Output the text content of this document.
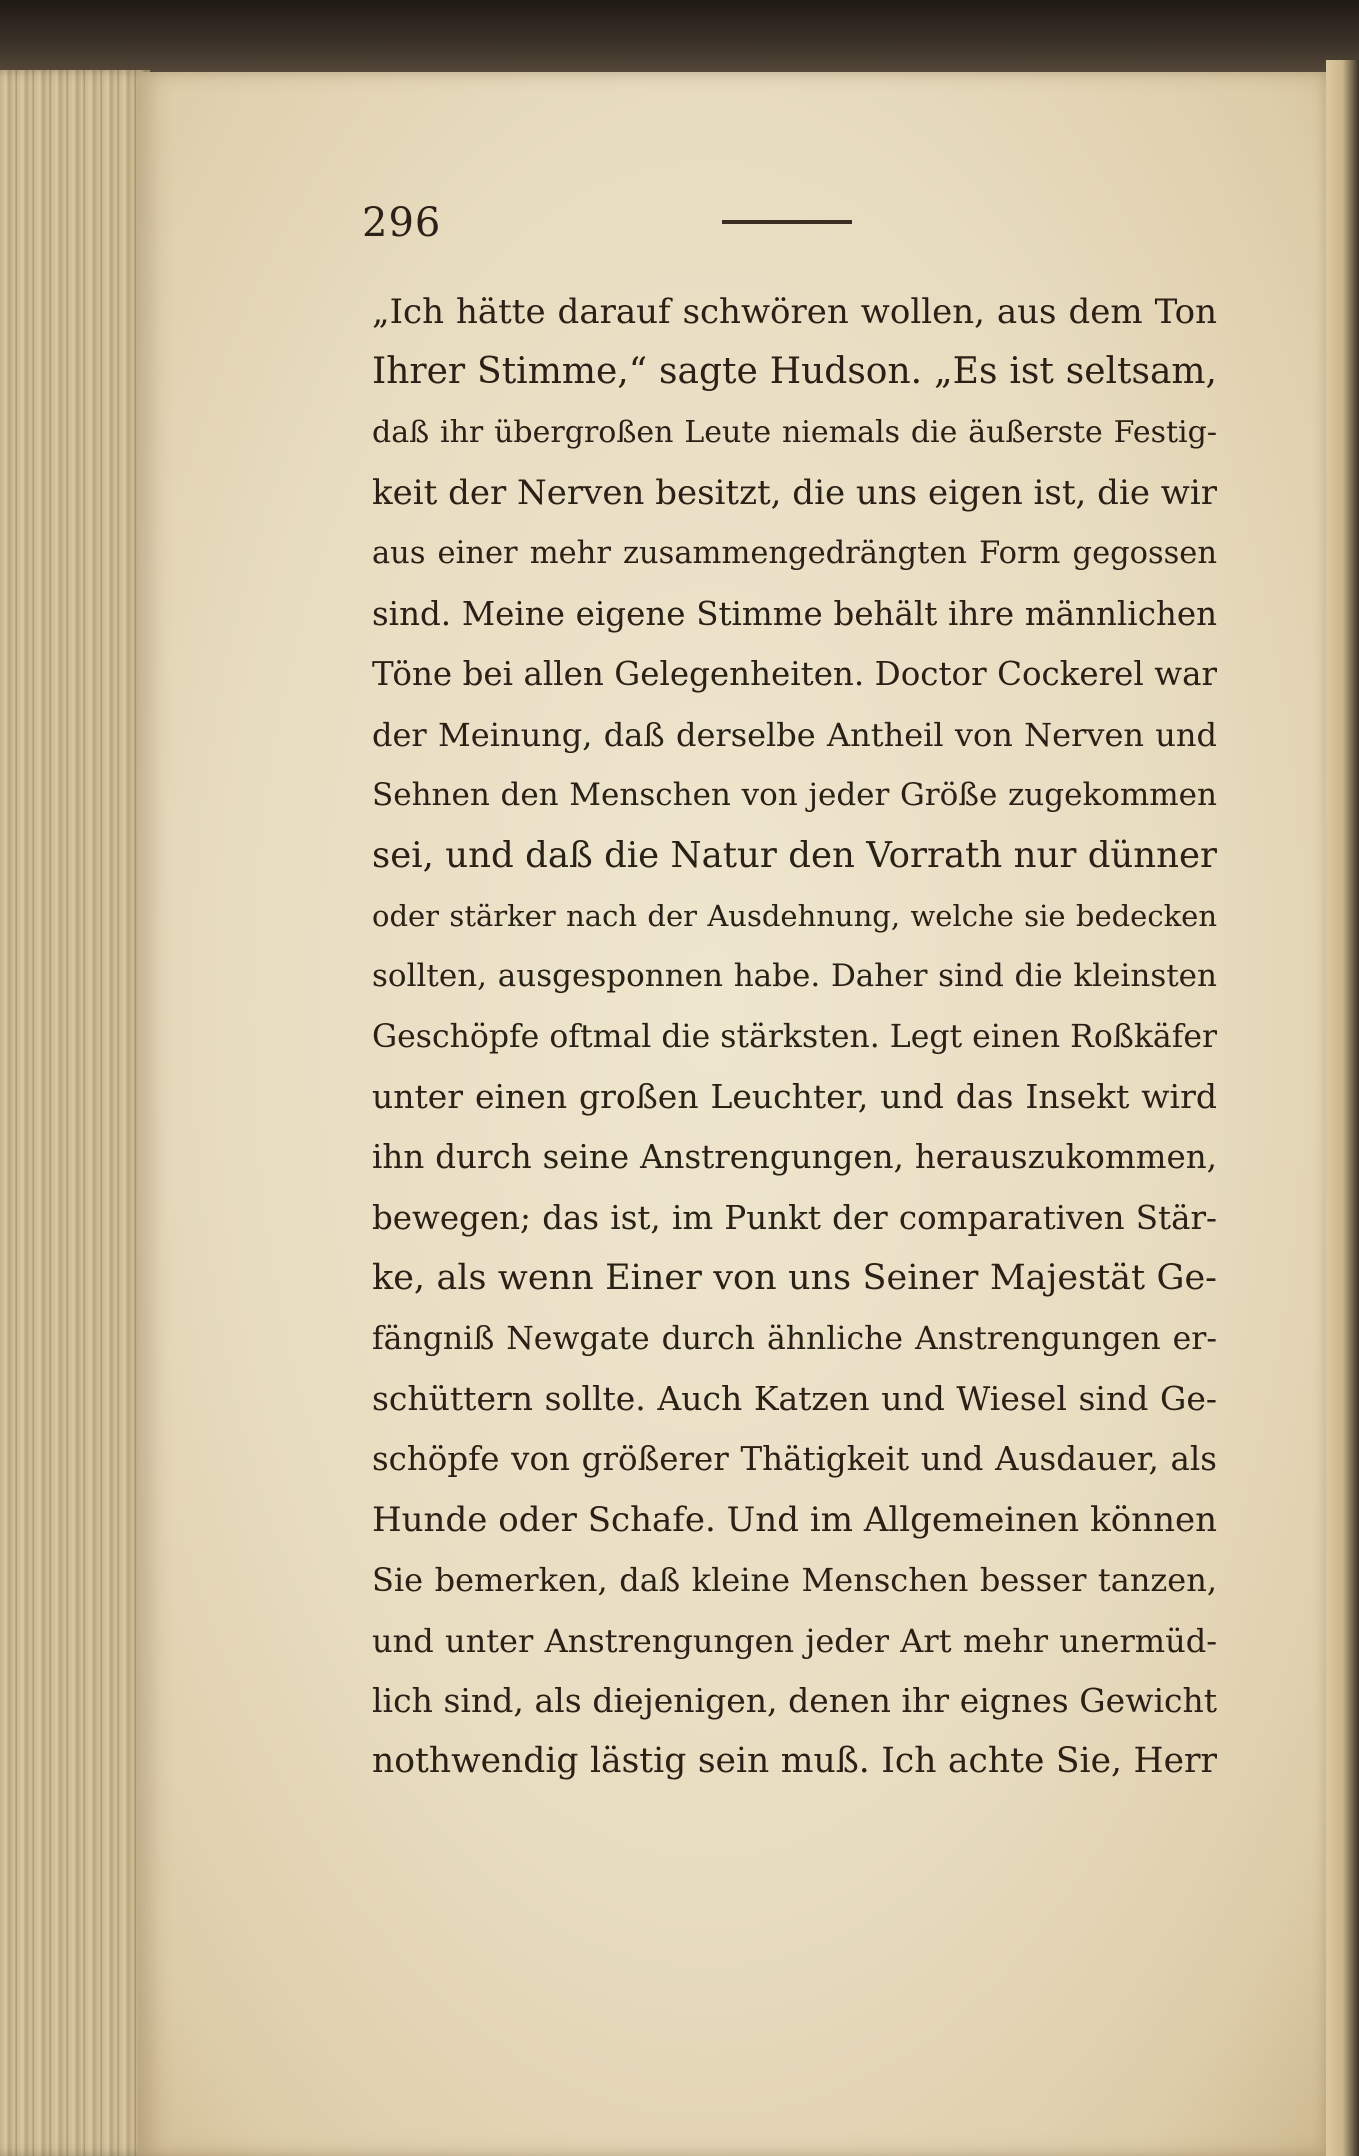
296
„Ich hätte darauf schwören wollen, aus dem Ton
Ihrer Stimme,“ sagte Hudson. „Es ist seltsam,
daß ihr übergroßen Leute niemals die äußerste Festig-
keit der Nerven besitzt, die uns eigen ist, die wir
aus einer mehr zusammengedrängten Form gegossen
sind. Meine eigene Stimme behält ihre männlichen
Töne bei allen Gelegenheiten. Doctor Cockerel war
der Meinung, daß derselbe Antheil von Nerven und
Sehnen den Menschen von jeder Größe zugekommen
sei, und daß die Natur den Vorrath nur dünner
oder stärker nach der Ausdehnung, welche sie bedecken
sollten, ausgesponnen habe. Daher sind die kleinsten
Geschöpfe oftmal die stärksten. Legt einen Roßkäfer
unter einen großen Leuchter, und das Insekt wird
ihn durch seine Anstrengungen, herauszukommen,
bewegen; das ist, im Punkt der comparativen Stär-
ke, als wenn Einer von uns Seiner Majestät Ge-
fängniß Newgate durch ähnliche Anstrengungen er-
schüttern sollte. Auch Katzen und Wiesel sind Ge-
schöpfe von größerer Thätigkeit und Ausdauer, als
Hunde oder Schafe. Und im Allgemeinen können
Sie bemerken, daß kleine Menschen besser tanzen,
und unter Anstrengungen jeder Art mehr unermüd-
lich sind, als diejenigen, denen ihr eignes Gewicht
nothwendig lästig sein muß. Ich achte Sie, Herr
